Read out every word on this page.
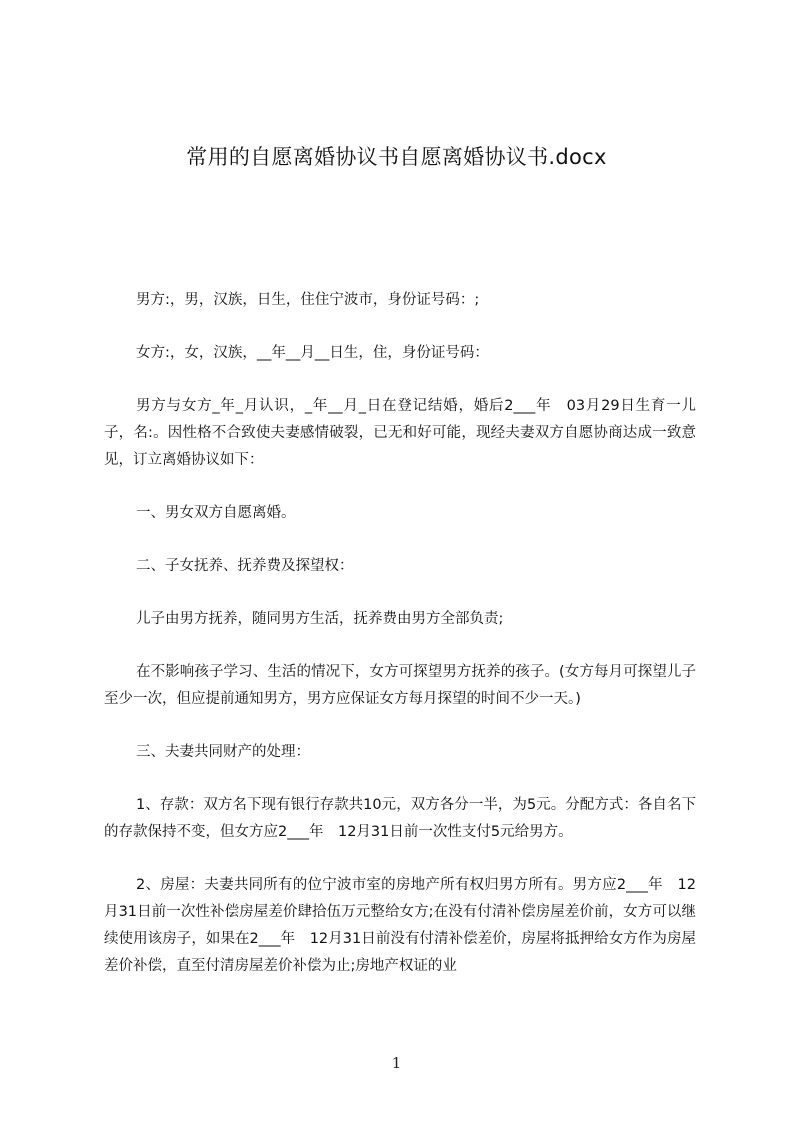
常用的自愿离婚协议书自愿离婚协议书.docx

男方:，男，汉族，日生，住住宁波市，身份证号码：;

女方:，女，汉族，__年__月__日生，住，身份证号码：

男方与女方_年_月认识，_年__月_日在登记结婚，婚后2___年　03月29日生育一儿子，名:。因性格不合致使夫妻感情破裂，已无和好可能，现经夫妻双方自愿协商达成一致意见，订立离婚协议如下：

一、男女双方自愿离婚。

二、子女抚养、抚养费及探望权：

儿子由男方抚养，随同男方生活，抚养费由男方全部负责;

在不影响孩子学习、生活的情况下，女方可探望男方抚养的孩子。(女方每月可探望儿子至少一次，但应提前通知男方，男方应保证女方每月探望的时间不少一天。)

三、夫妻共同财产的处理：

1、存款：双方名下现有银行存款共10元，双方各分一半，为5元。分配方式：各自名下的存款保持不变，但女方应2___年　12月31日前一次性支付5元给男方。

2、房屋：夫妻共同所有的位宁波市室的房地产所有权归男方所有。男方应2___年　12月31日前一次性补偿房屋差价肆拾伍万元整给女方;在没有付清补偿房屋差价前，女方可以继续使用该房子，如果在2___年　12月31日前没有付清补偿差价，房屋将抵押给女方作为房屋差价补偿，直至付清房屋差价补偿为止;房地产权证的业

1
